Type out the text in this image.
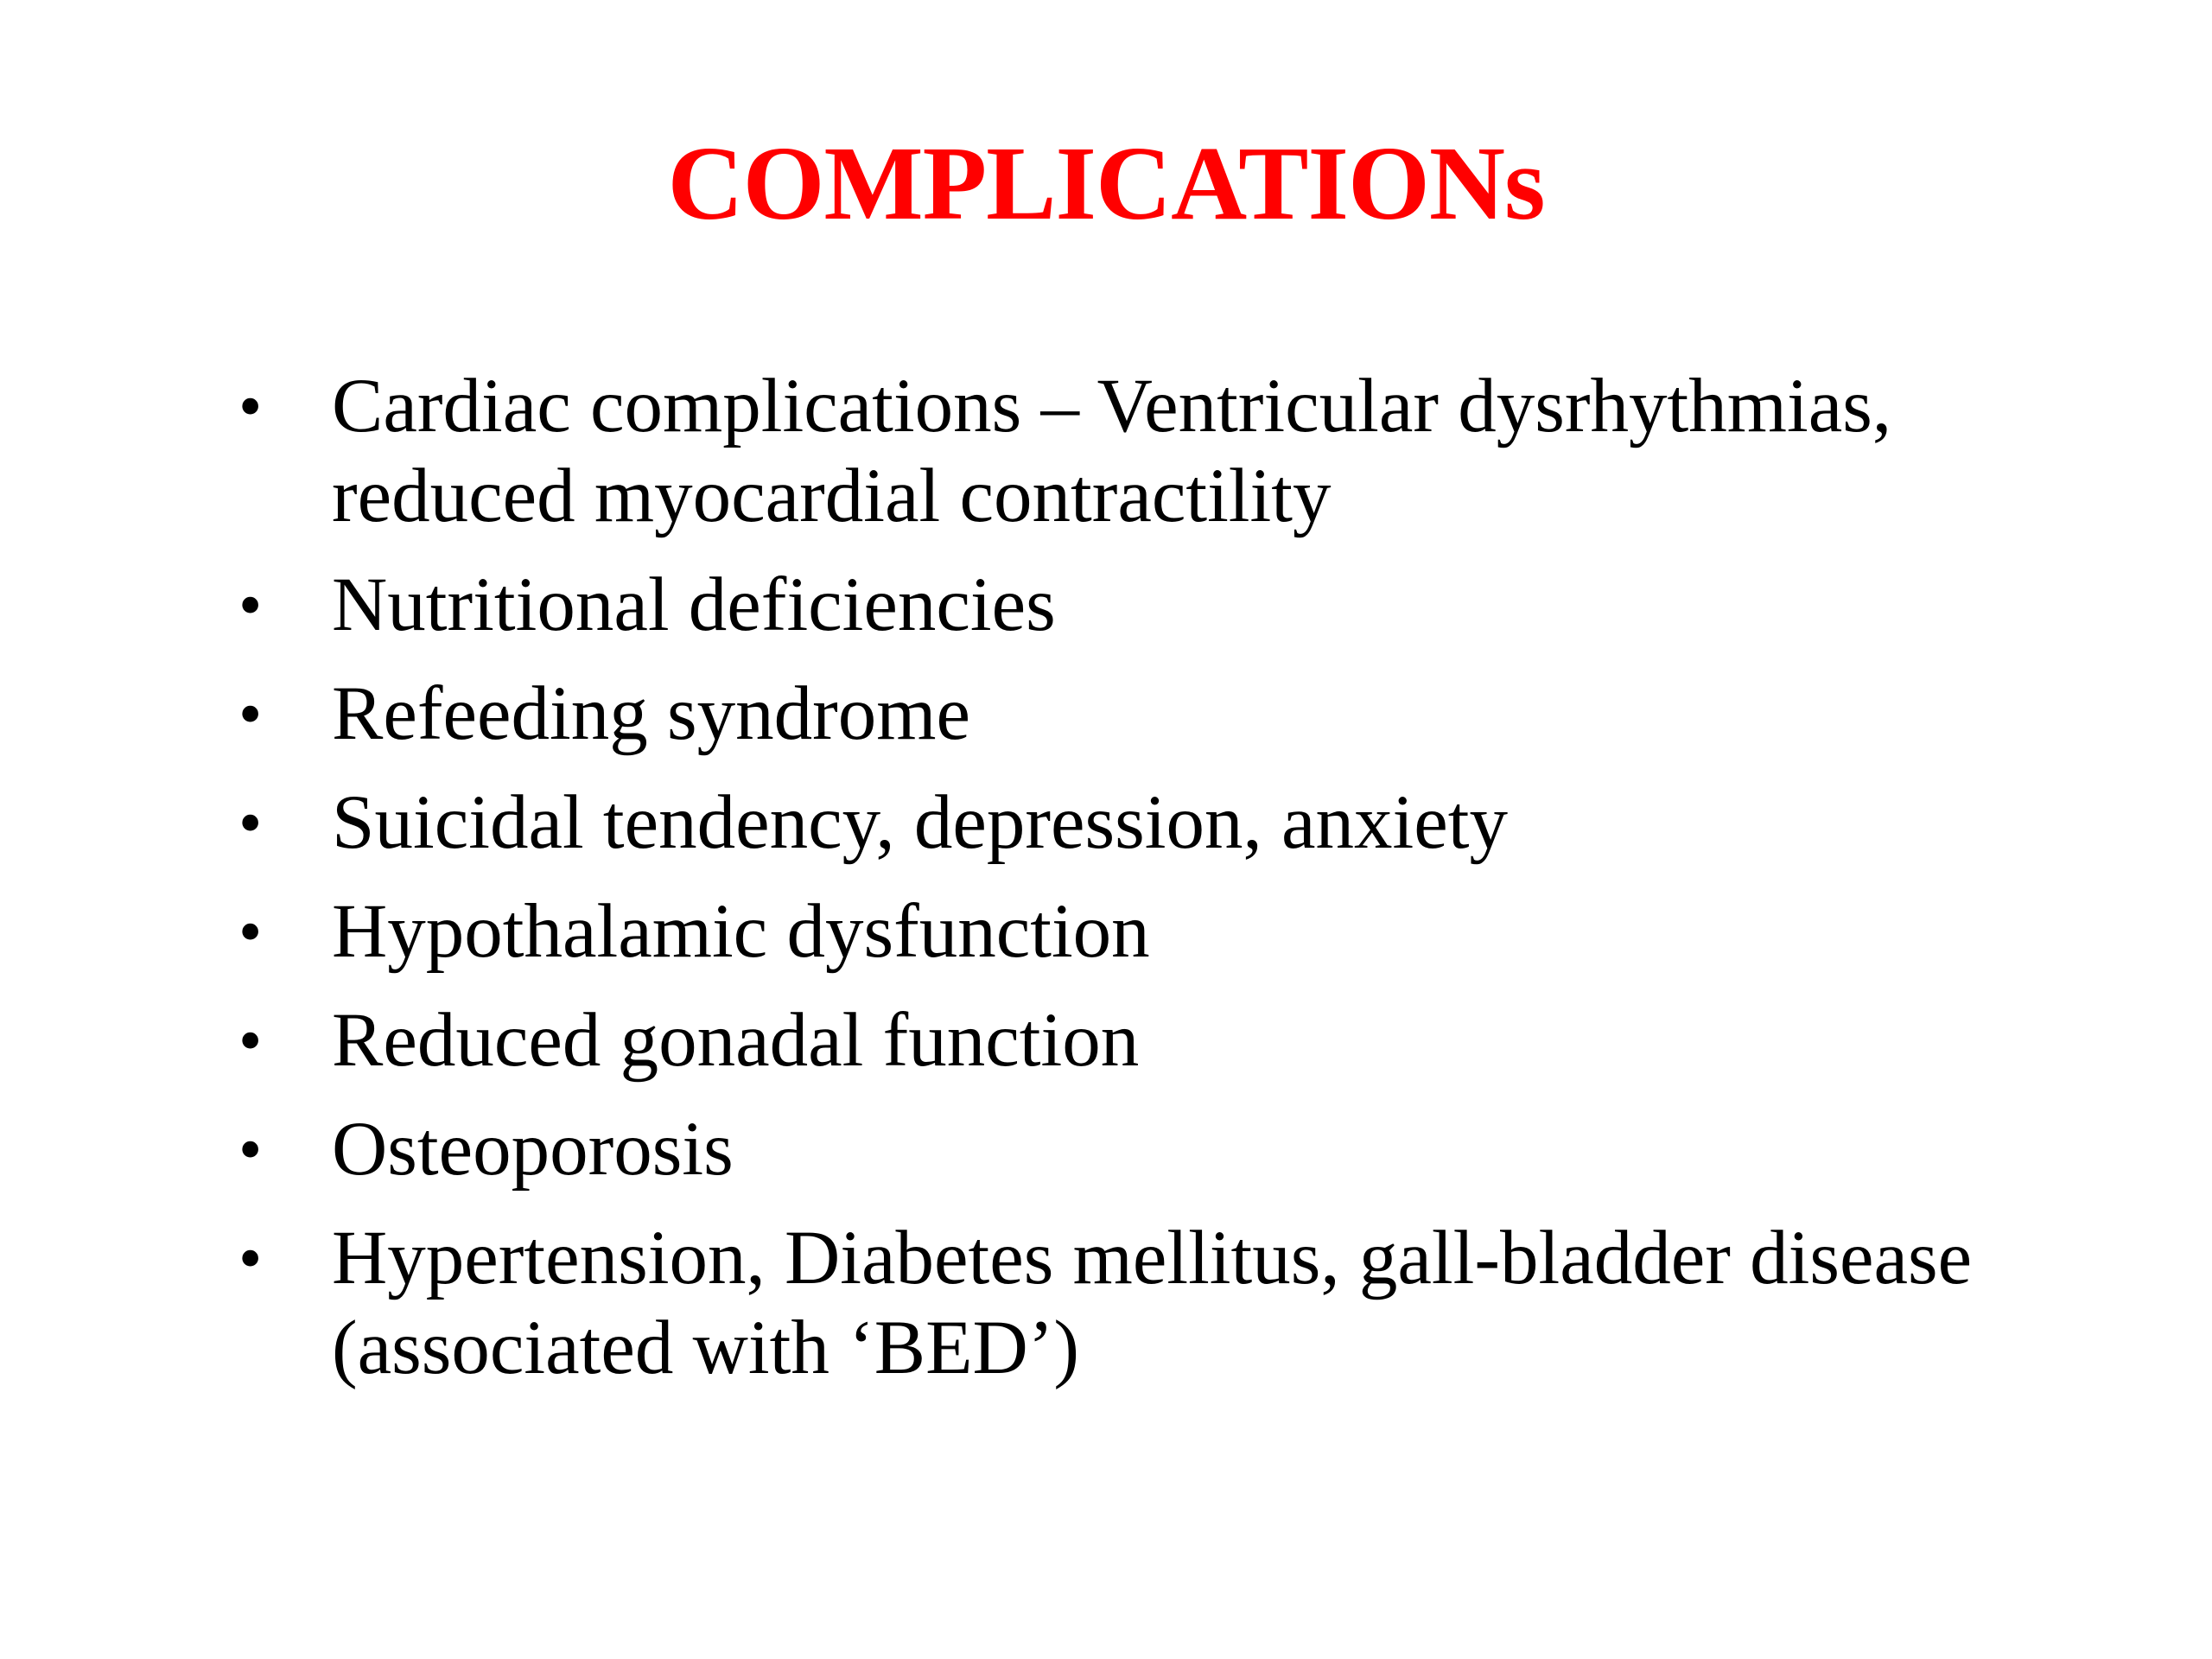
COMPLICATIONs
• Cardiac complications – Ventricular dysrhythmias, reduced myocardial contractility
• Nutritional deficiencies
• Refeeding syndrome
• Suicidal tendency, depression, anxiety
• Hypothalamic dysfunction
• Reduced gonadal function
• Osteoporosis
• Hypertension, Diabetes mellitus, gall-bladder disease (associated with ‘BED’)
